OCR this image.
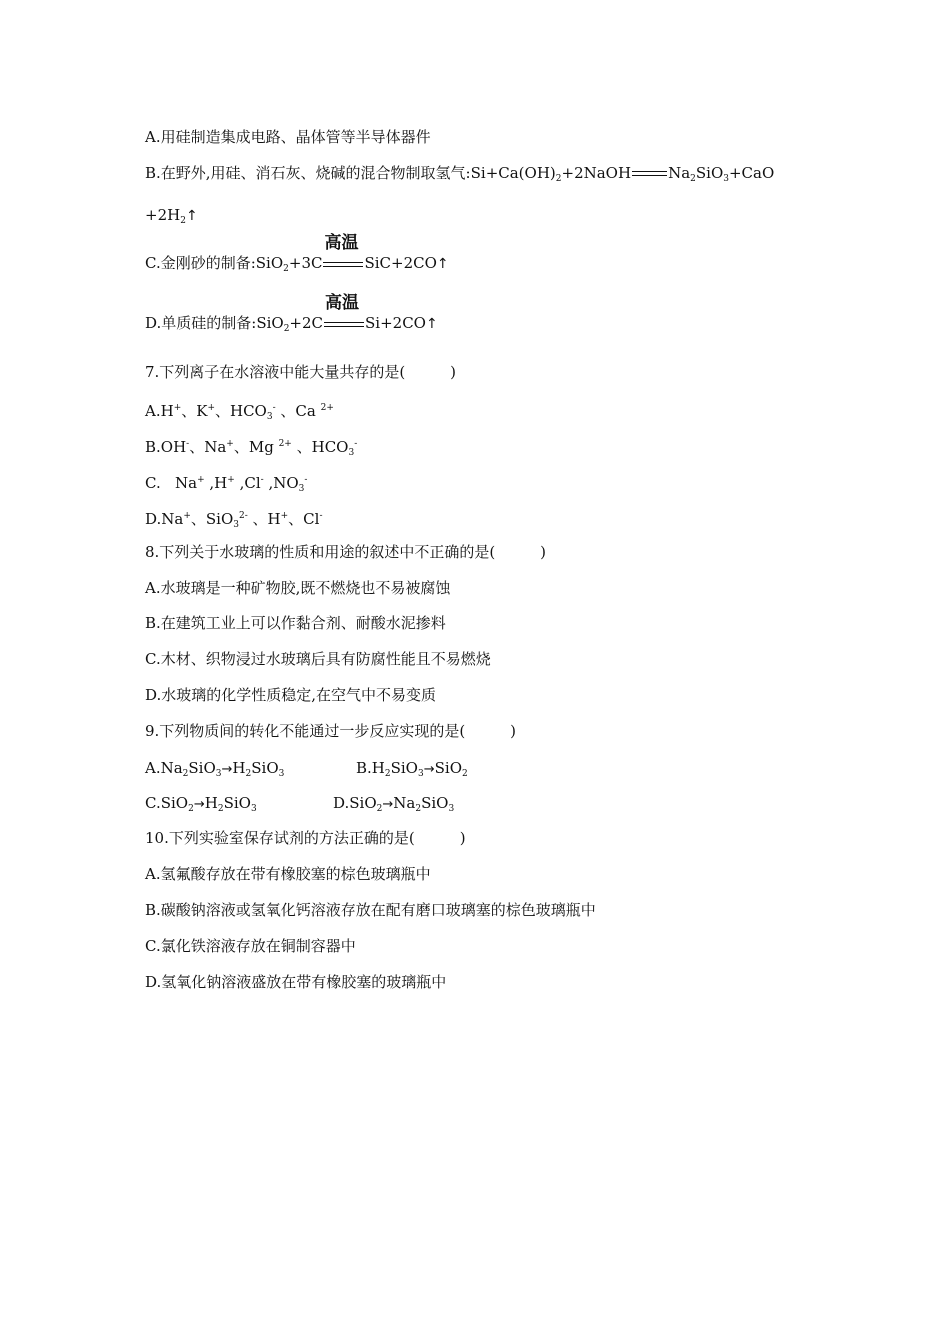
A.用硅制造集成电路、晶体管等半导体器件
B.在野外,用硅、消石灰、烧碱的混合物制取氢气$:Si+Ca(OH)_2+2NaOH$ $Na_2SiO_3+CaO$
$+2H_2↑$
C.金刚砂的制备:SiO$_2$+3C
高温
SiC+2CO↑
D.单质硅的制备:SiO$_2$+2C
高温
Si+2CO↑
7.下列离子在水溶液中能大量共存的是(　　　)
A.H+、K+、$HCO_3^-$ 、Ca $^{2+}$
B.OH-、Na+、Mg $^{2+}$ 、$HCO_3^-$
C.   Na+ ,H+ ,Cl- $,NO_3^-$
D.Na+、SiO$_3^{2-}$ 、H+、Cl-
8.下列关于水玻璃的性质和用途的叙述中不正确的是(　　　)
A.水玻璃是一种矿物胶,既不燃烧也不易被腐蚀
B.在建筑工业上可以作黏合剂、耐酸水泥掺料
C.木材、织物浸过水玻璃后具有防腐性能且不易燃烧
D.水玻璃的化学性质稳定,在空气中不易变质
9.下列物质间的转化不能通过一步反应实现的是(　　　)
$A.Na_2SiO_3\to H_2SiO_3$	$B.H_2SiO_3\to SiO_2$
$C.SiO_2\to H_2SiO_3$	$D.SiO_2\to Na_2SiO_3$
10.下列实验室保存试剂的方法正确的是(　　　)
A.氢氟酸存放在带有橡胶塞的棕色玻璃瓶中
B.碳酸钠溶液或氢氧化钙溶液存放在配有磨口玻璃塞的棕色玻璃瓶中
C.氯化铁溶液存放在铜制容器中
D.氢氧化钠溶液盛放在带有橡胶塞的玻璃瓶中
